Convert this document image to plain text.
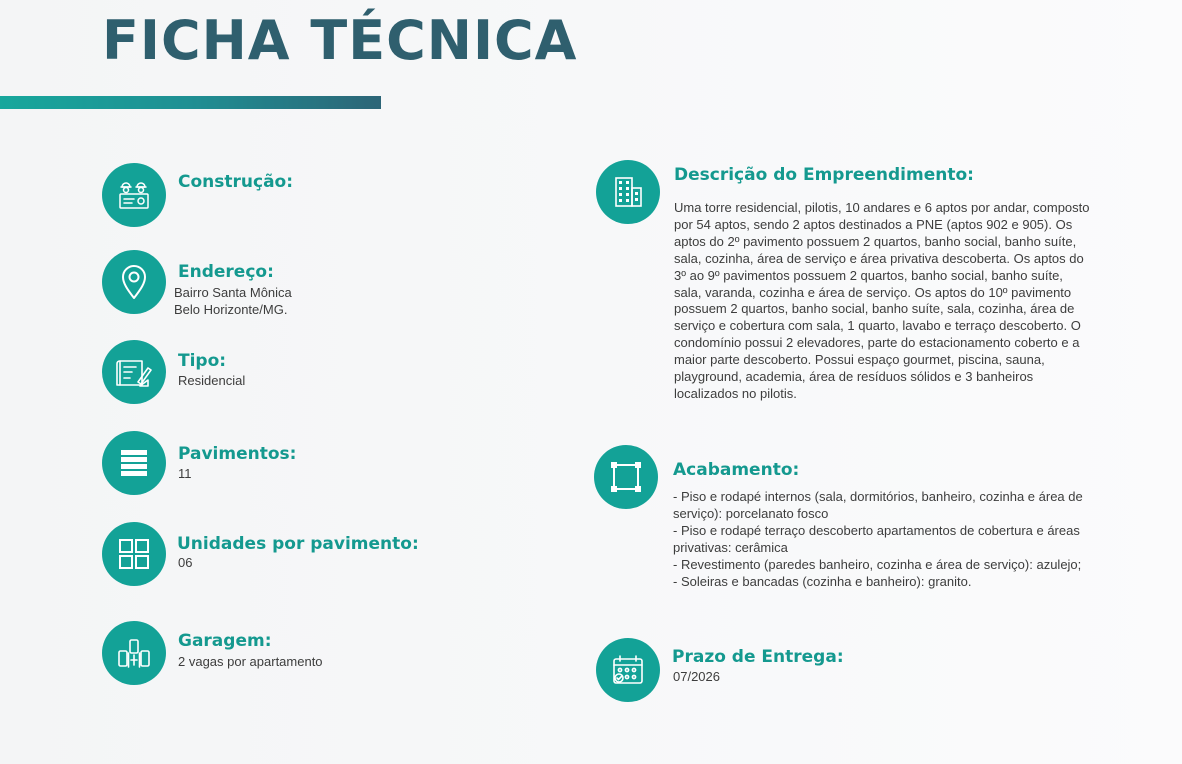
FICHA TÉCNICA
Construção:
Endereço:
Bairro Santa Mônica
Belo Horizonte/MG.
Tipo:
Residencial
Pavimentos:
11
Unidades por pavimento:
06
Garagem:
2 vagas por apartamento
Descrição do Empreendimento:
Uma torre residencial, pilotis, 10 andares e 6 aptos por andar, composto por 54 aptos, sendo 2 aptos destinados a PNE (aptos 902 e 905). Os aptos do 2º pavimento possuem 2 quartos, banho social, banho suíte, sala, cozinha, área de serviço e área privativa descoberta. Os aptos do 3º ao 9º pavimentos possuem 2 quartos, banho social, banho suíte, sala, varanda, cozinha e área de serviço. Os aptos do 10º pavimento possuem 2 quartos, banho social, banho suíte, sala, cozinha, área de serviço e cobertura com sala, 1 quarto, lavabo e terraço descoberto. O condomínio possui 2 elevadores, parte do estacionamento coberto e a maior parte descoberto. Possui espaço gourmet, piscina, sauna, playground, academia, área de resíduos sólidos e 3 banheiros localizados no pilotis.
Acabamento:
- Piso e rodapé internos (sala, dormitórios, banheiro, cozinha e área de serviço): porcelanato fosco
- Piso e rodapé terraço descoberto apartamentos de cobertura e áreas privativas: cerâmica
- Revestimento (paredes banheiro, cozinha e área de serviço): azulejo;
- Soleiras e bancadas (cozinha e banheiro): granito.
Prazo de Entrega:
07/2026
